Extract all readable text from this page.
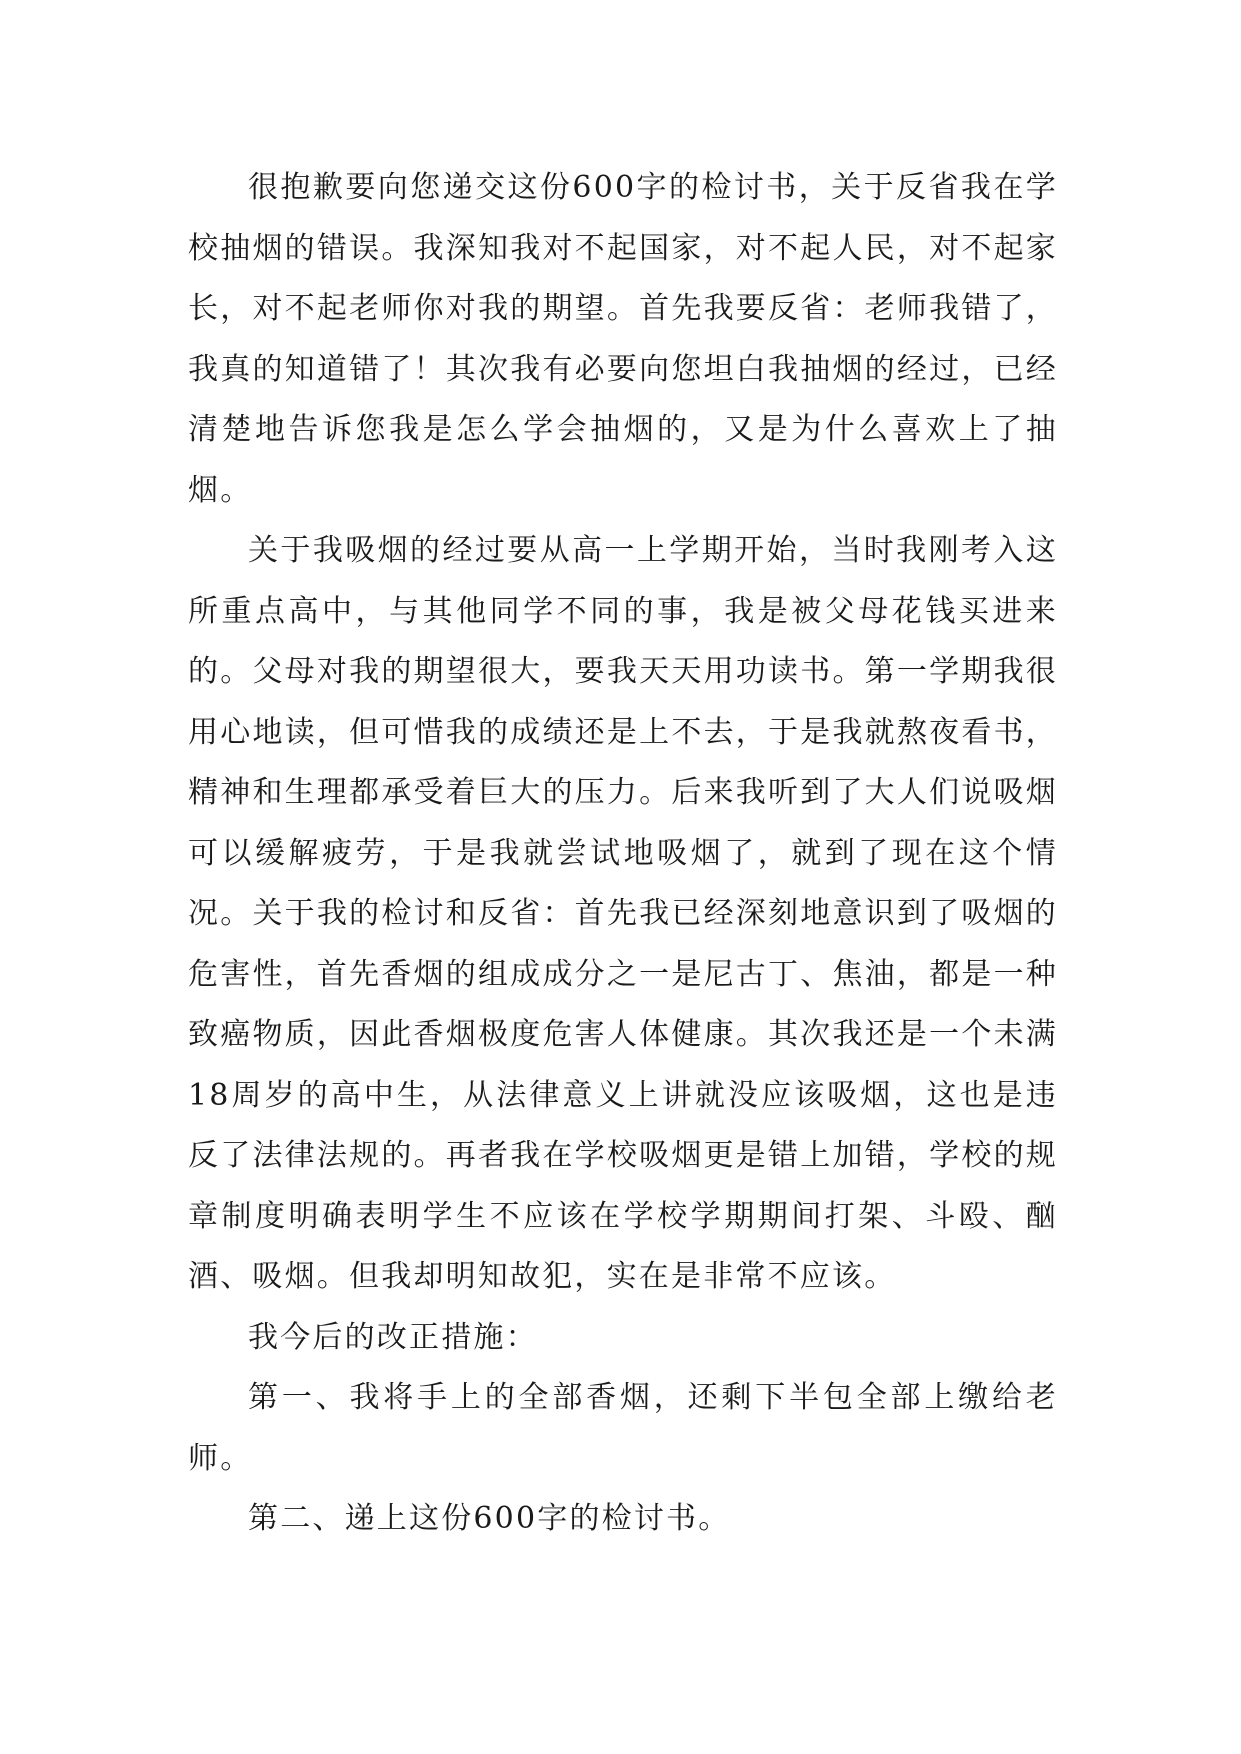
很抱歉要向您递交这份600字的检讨书，关于反省我在学校抽烟的错误。我深知我对不起国家，对不起人民，对不起家长，对不起老师你对我的期望。首先我要反省：老师我错了，我真的知道错了！其次我有必要向您坦白我抽烟的经过，已经清楚地告诉您我是怎么学会抽烟的，又是为什么喜欢上了抽烟。

关于我吸烟的经过要从高一上学期开始，当时我刚考入这所重点高中，与其他同学不同的事，我是被父母花钱买进来的。父母对我的期望很大，要我天天用功读书。第一学期我很用心地读，但可惜我的成绩还是上不去，于是我就熬夜看书，精神和生理都承受着巨大的压力。后来我听到了大人们说吸烟可以缓解疲劳，于是我就尝试地吸烟了，就到了现在这个情况。关于我的检讨和反省：首先我已经深刻地意识到了吸烟的危害性，首先香烟的组成成分之一是尼古丁、焦油，都是一种致癌物质，因此香烟极度危害人体健康。其次我还是一个未满18周岁的高中生，从法律意义上讲就没应该吸烟，这也是违反了法律法规的。再者我在学校吸烟更是错上加错，学校的规章制度明确表明学生不应该在学校学期期间打架、斗殴、酗酒、吸烟。但我却明知故犯，实在是非常不应该。

我今后的改正措施：

第一、我将手上的全部香烟，还剩下半包全部上缴给老师。

第二、递上这份600字的检讨书。
